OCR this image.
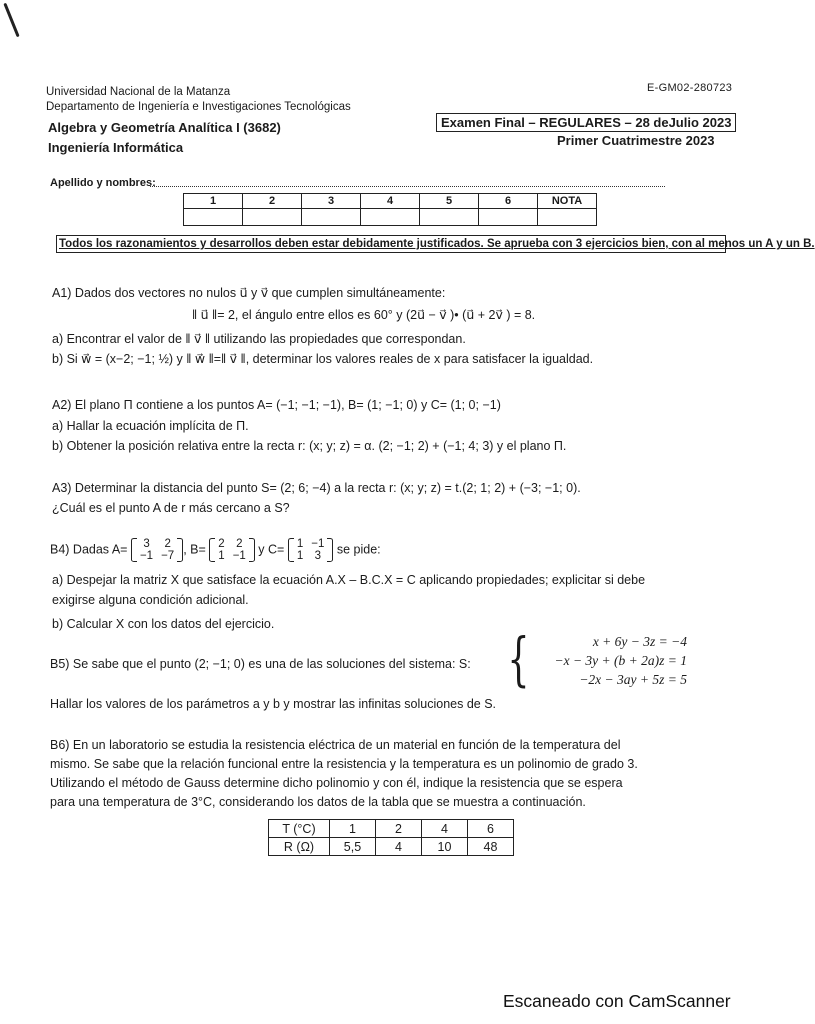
Universidad Nacional de la Matanza
Departamento de Ingeniería e Investigaciones Tecnológicas
Algebra y Geometría Analítica I (3682)
Ingeniería Informática
E-GM02-280723
Examen Final – REGULARES – 28 deJulio 2023
Primer Cuatrimestre 2023
Apellido y nombres:
1	2	3	4	5	6	NOTA

Todos los razonamientos y desarrollos deben estar debidamente justificados. Se aprueba con 3 ejercicios bien, con al menos un A y un B.
A1) Dados dos vectores no nulos u⃗ y v⃗ que cumplen simultáneamente:
‖ u⃗ ‖= 2, el ángulo entre ellos es 60° y (2u⃗ − v⃗ )• (u⃗ + 2v⃗ ) = 8.
a) Encontrar el valor de ‖ v⃗ ‖ utilizando las propiedades que correspondan.
b) Si w⃗ = (x−2; −1; ½) y ‖ w⃗ ‖=‖ v⃗ ‖, determinar los valores reales de x para satisfacer la igualdad.
A2) El plano Π contiene a los puntos A= (−1; −1; −1), B= (1; −1; 0) y C= (1; 0; −1)
a) Hallar la ecuación implícita de Π.
b) Obtener la posición relativa entre la recta r: (x; y; z) = α. (2; −1; 2) + (−1; 4; 3) y el plano Π.
A3) Determinar la distancia del punto S= (2; 6; −4) a la recta r: (x; y; z) = t.(2; 1; 2) + (−3; −1; 0).
¿Cuál es el punto A de r más cercano a S?
B4) Dadas A= 3	2
−1	−7 , B= 2	2
1	−1 y C= 1	−1
1	3 se pide:
a) Despejar la matriz X que satisface la ecuación A.X – B.C.X = C aplicando propiedades; explicitar si debe
exigirse alguna condición adicional.
b) Calcular X con los datos del ejercicio.
B5) Se sabe que el punto (2; −1; 0) es una de las soluciones del sistema: S: {	x + 6y − 3z = −4
−x − 3y + (b + 2a)z = 1
−2x − 3ay + 5z = 5
Hallar los valores de los parámetros a y b y mostrar las infinitas soluciones de S.
B6) En un laboratorio se estudia la resistencia eléctrica de un material en función de la temperatura del
mismo. Se sabe que la relación funcional entre la resistencia y la temperatura es un polinomio de grado 3.
Utilizando el método de Gauss determine dicho polinomio y con él, indique la resistencia que se espera
para una temperatura de 3°C, considerando los datos de la tabla que se muestra a continuación.
T (°C)	1	2	4	6
R (Ω)	5,5	4	10	48
Escaneado con CamScanner
